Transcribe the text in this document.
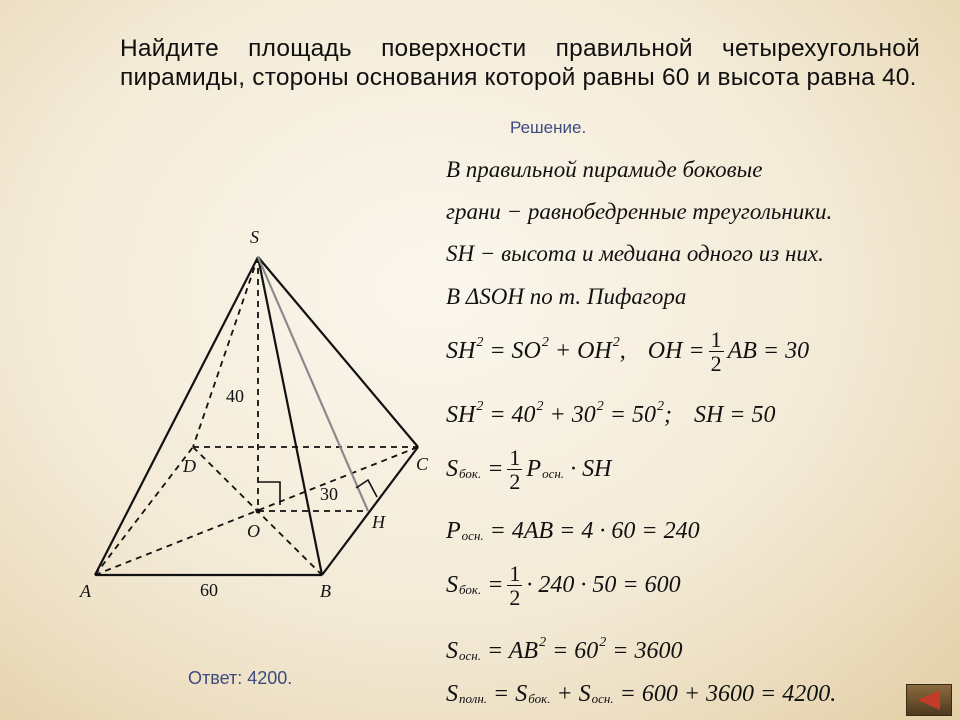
Найдите площадь поверхности правильной четырехугольной пирамиды, стороны основания которой равны 60 и высота равна 40.
Решение.
S
D	C
O	H
A	B
40
30
60
В правильной пирамиде боковые
грани − равнобедренные треугольники.
SH − высота и медиана одного из них.
В ΔSOH по т. Пифагора
SH 2
= SO 2
+ OH 2 , OH = $\frac{1}{2}$ AB = 30
SH 2
= 40 2
+ 30 2
= 50 2 ; SH = 50
$S_{бок.}$
= $\frac{1}{2} P_{осн.}$
· SH
$P_{осн.}$
= 4AB = 4 · 60 = 240
$S_{бок.}$
= $\frac{1}{2} \cdot 240 \cdot 50 = 600$
$S_{осн.}$
= AB 2
= 60 2
= 3600
$S_{полн.}$
= $S_{бок.}$
+ $S_{осн.}$
= 600 + 3600 = 4200.
Ответ: 4200.
